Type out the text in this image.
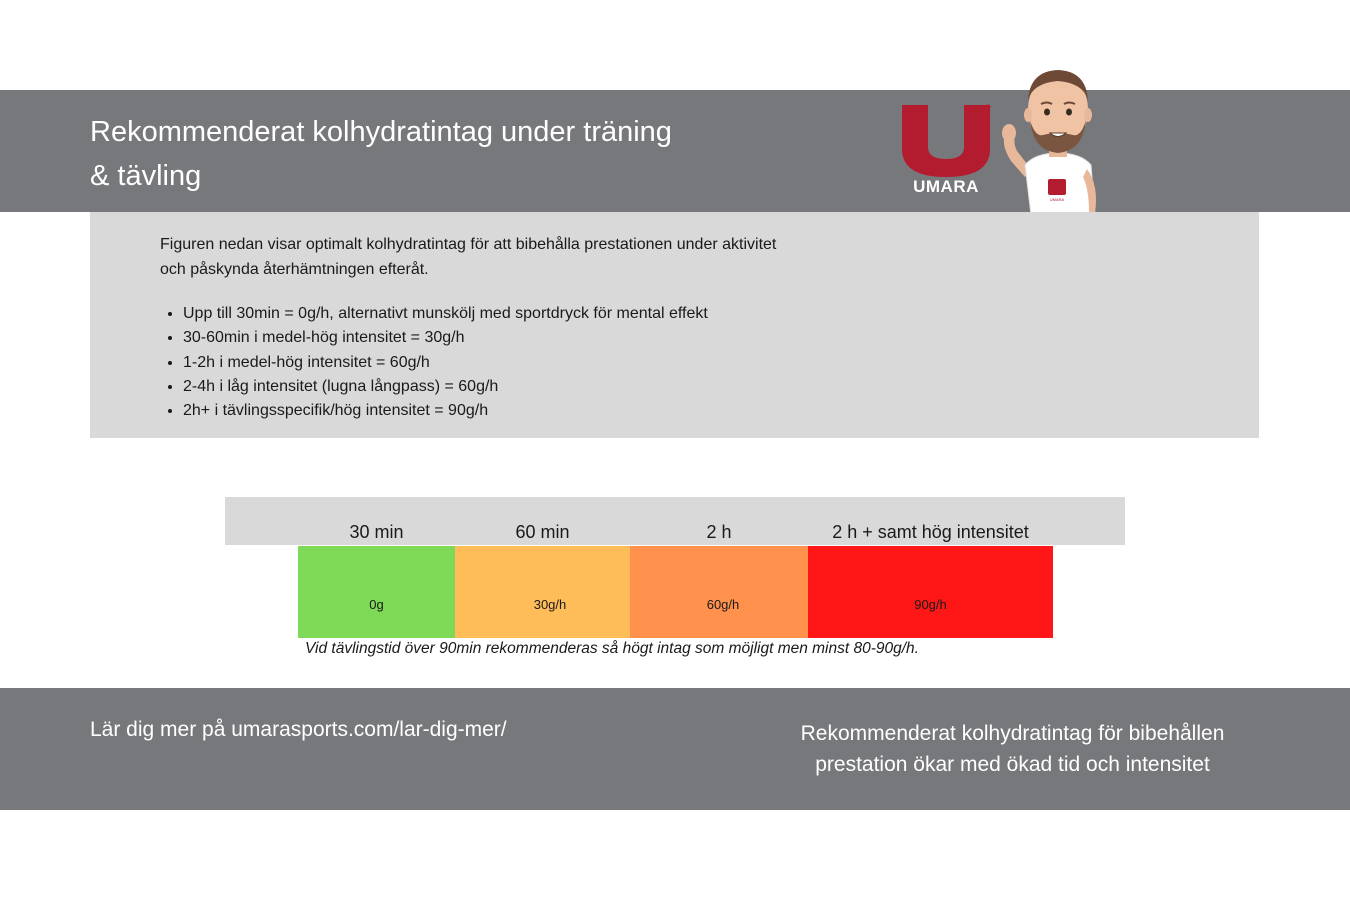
Rekommenderat kolhydratintag under träning
& tävling	UMARA
UMARA
Figuren nedan visar optimalt kolhydratintag för att bibehålla prestationen under aktivitet
och påskynda återhämtningen efteråt.
• Upp till 30min = 0g/h, alternativt munskölj med sportdryck för mental effekt
• 30-60min i medel-hög intensitet = 30g/h
• 1-2h i medel-hög intensitet = 60g/h
• 2-4h i låg intensitet (lugna långpass) = 60g/h
• 2h+ i tävlingsspecifik/hög intensitet = 90g/h
30 min	60 min	2 h	2 h + samt hög intensitet
0g	30g/h	60g/h	90g/h
Vid tävlingstid över 90min rekommenderas så högt intag som möjligt men minst 80-90g/h.
Lär dig mer på umarasports.com/lar-dig-mer/	Rekommenderat kolhydratintag för bibehållen
prestation ökar med ökad tid och intensitet
